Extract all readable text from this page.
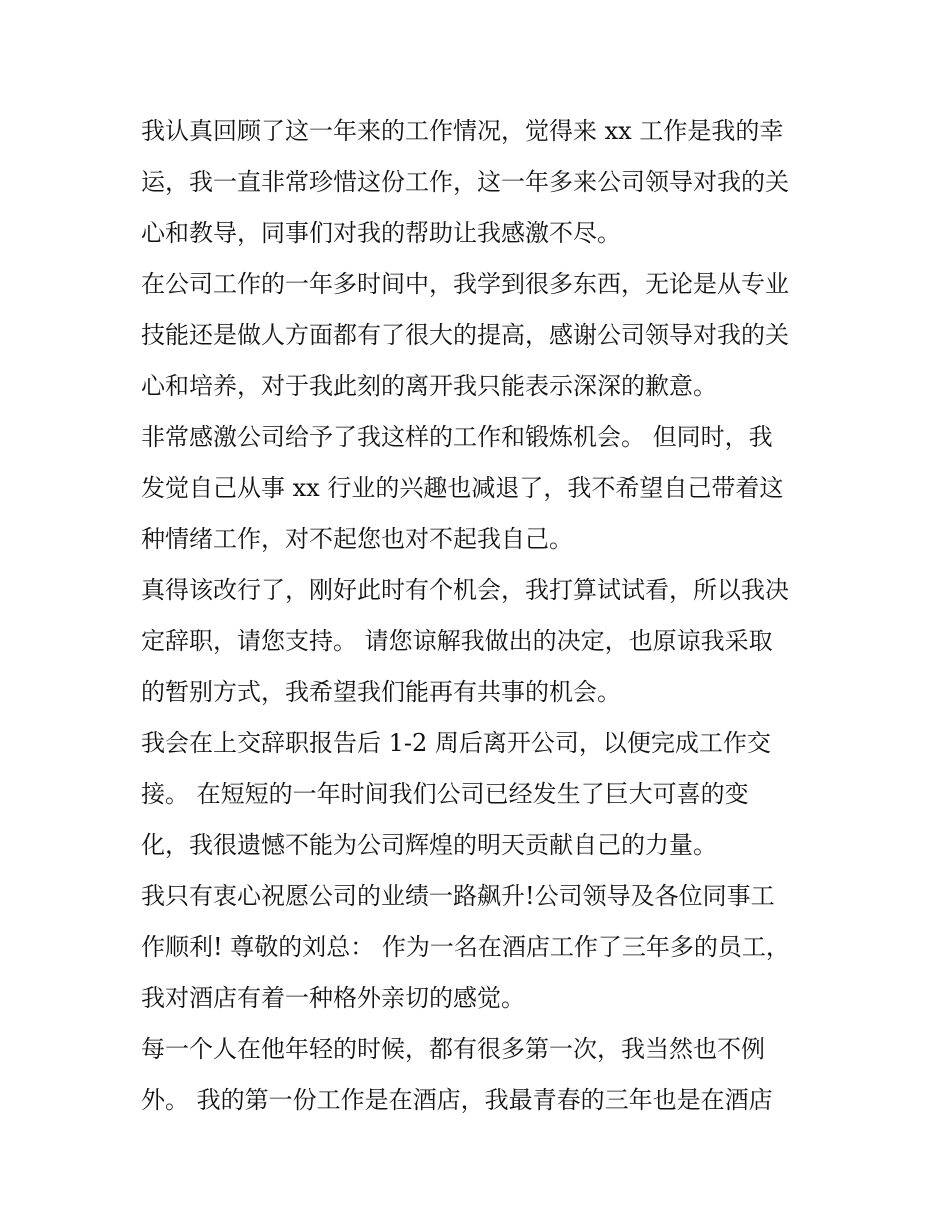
我认真回顾了这一年来的工作情况，觉得来 xx 工作是我的幸
运，我一直非常珍惜这份工作，这一年多来公司领导对我的关
心和教导，同事们对我的帮助让我感激不尽。
在公司工作的一年多时间中，我学到很多东西，无论是从专业
技能还是做人方面都有了很大的提高，感谢公司领导对我的关
心和培养，对于我此刻的离开我只能表示深深的歉意。
非常感激公司给予了我这样的工作和锻炼机会。 但同时，我
发觉自己从事 xx 行业的兴趣也减退了，我不希望自己带着这
种情绪工作，对不起您也对不起我自己。
真得该改行了，刚好此时有个机会，我打算试试看，所以我决
定辞职，请您支持。 请您谅解我做出的决定，也原谅我采取
的暂别方式，我希望我们能再有共事的机会。
我会在上交辞职报告后 1-2 周后离开公司，以便完成工作交
接。 在短短的一年时间我们公司已经发生了巨大可喜的变
化，我很遗憾不能为公司辉煌的明天贡献自己的力量。
我只有衷心祝愿公司的业绩一路飙升!公司领导及各位同事工
作顺利! 尊敬的刘总： 作为一名在酒店工作了三年多的员工，
我对酒店有着一种格外亲切的感觉。
每一个人在他年轻的时候，都有很多第一次，我当然也不例
外。 我的第一份工作是在酒店，我最青春的三年也是在酒店
